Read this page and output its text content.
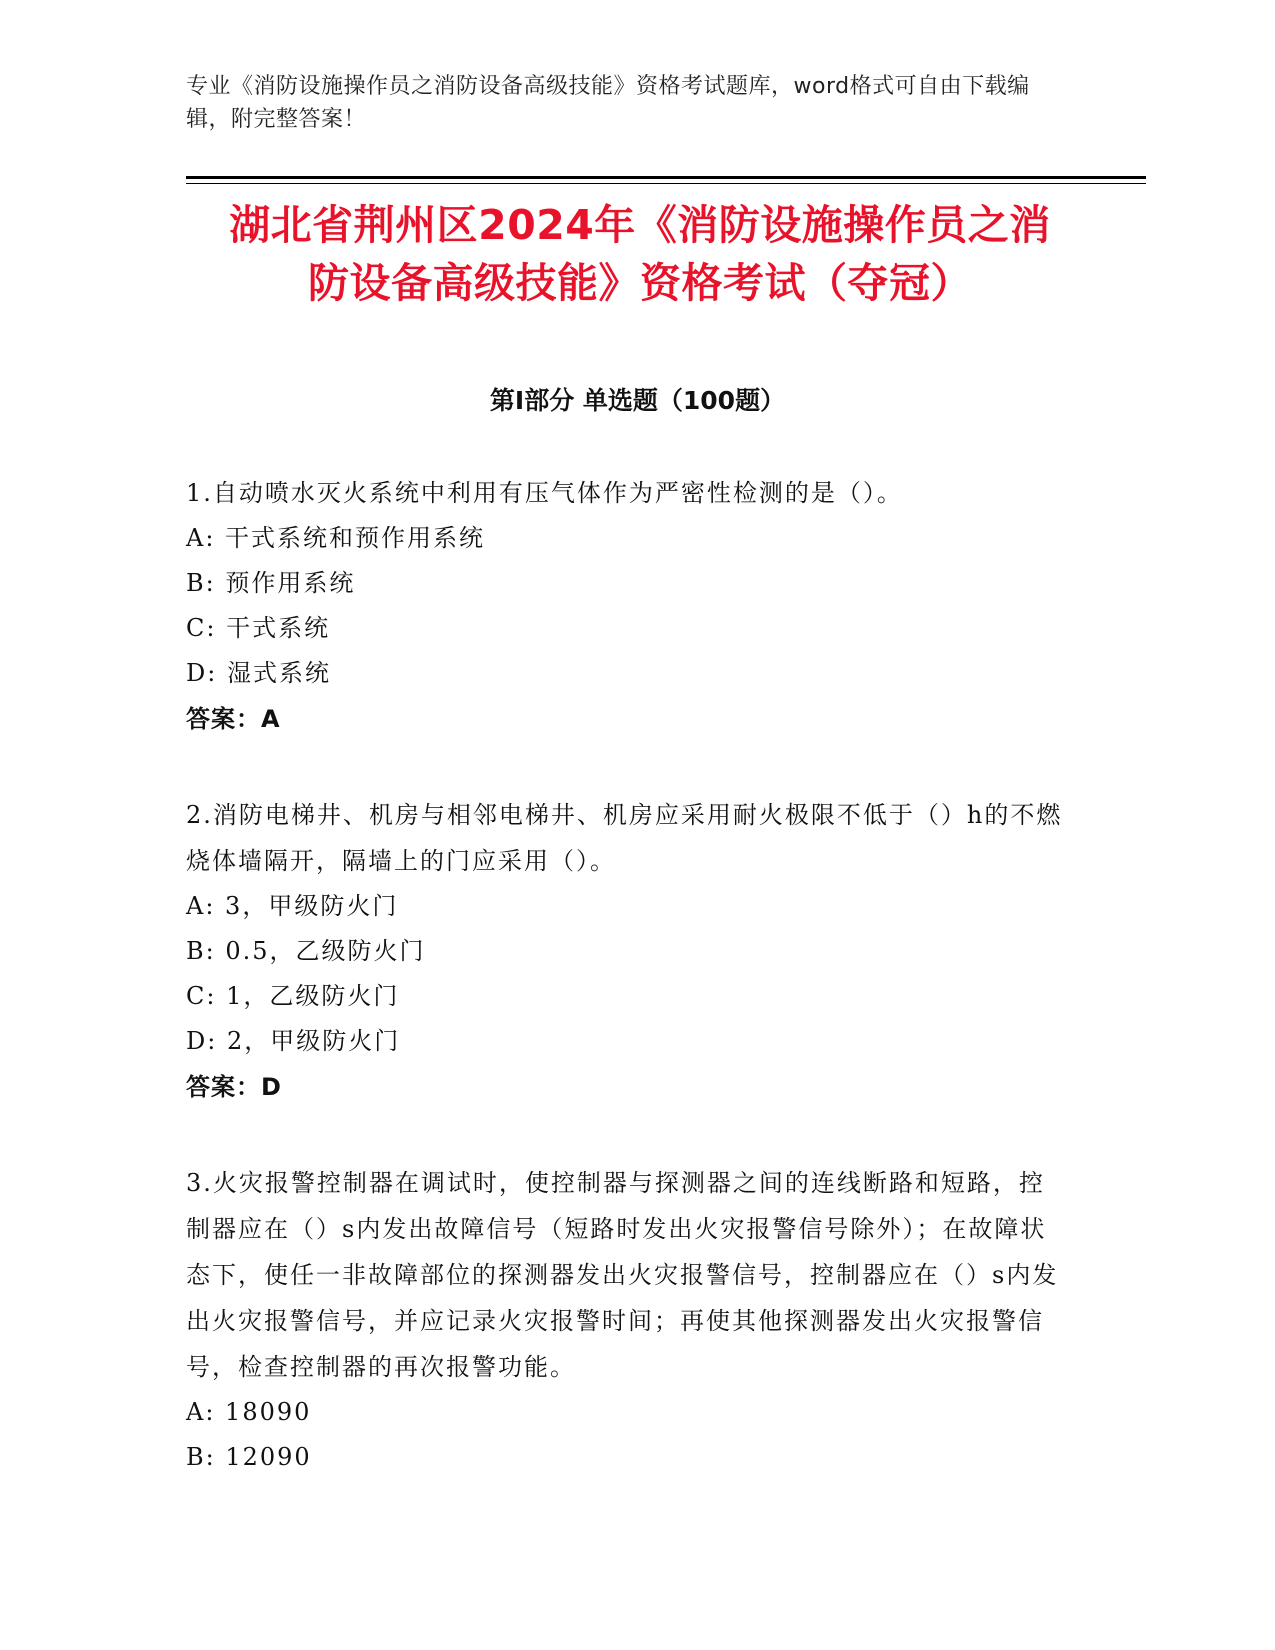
专业《消防设施操作员之消防设备高级技能》资格考试题库，word格式可自由下载编辑，附完整答案！
湖北省荆州区2024年《消防设施操作员之消
防设备高级技能》资格考试（夺冠）
第Ⅰ部分 单选题（100题）

1.自动喷水灭火系统中利用有压气体作为严密性检测的是（）。

A: 干式系统和预作用系统

B: 预作用系统

C: 干式系统

D: 湿式系统

答案：A

2.消防电梯井、机房与相邻电梯井、机房应采用耐火极限不低于（）h的不燃烧体墙隔开，隔墙上的门应采用（）。

A: 3，甲级防火门

B: 0.5，乙级防火门

C: 1，乙级防火门

D: 2，甲级防火门

答案：D

3.火灾报警控制器在调试时，使控制器与探测器之间的连线断路和短路，控制器应在（）s内发出故障信号（短路时发出火灾报警信号除外）；在故障状态下，使任一非故障部位的探测器发出火灾报警信号，控制器应在（）s内发出火灾报警信号，并应记录火灾报警时间；再使其他探测器发出火灾报警信号，检查控制器的再次报警功能。

A: 18090

B: 12090
